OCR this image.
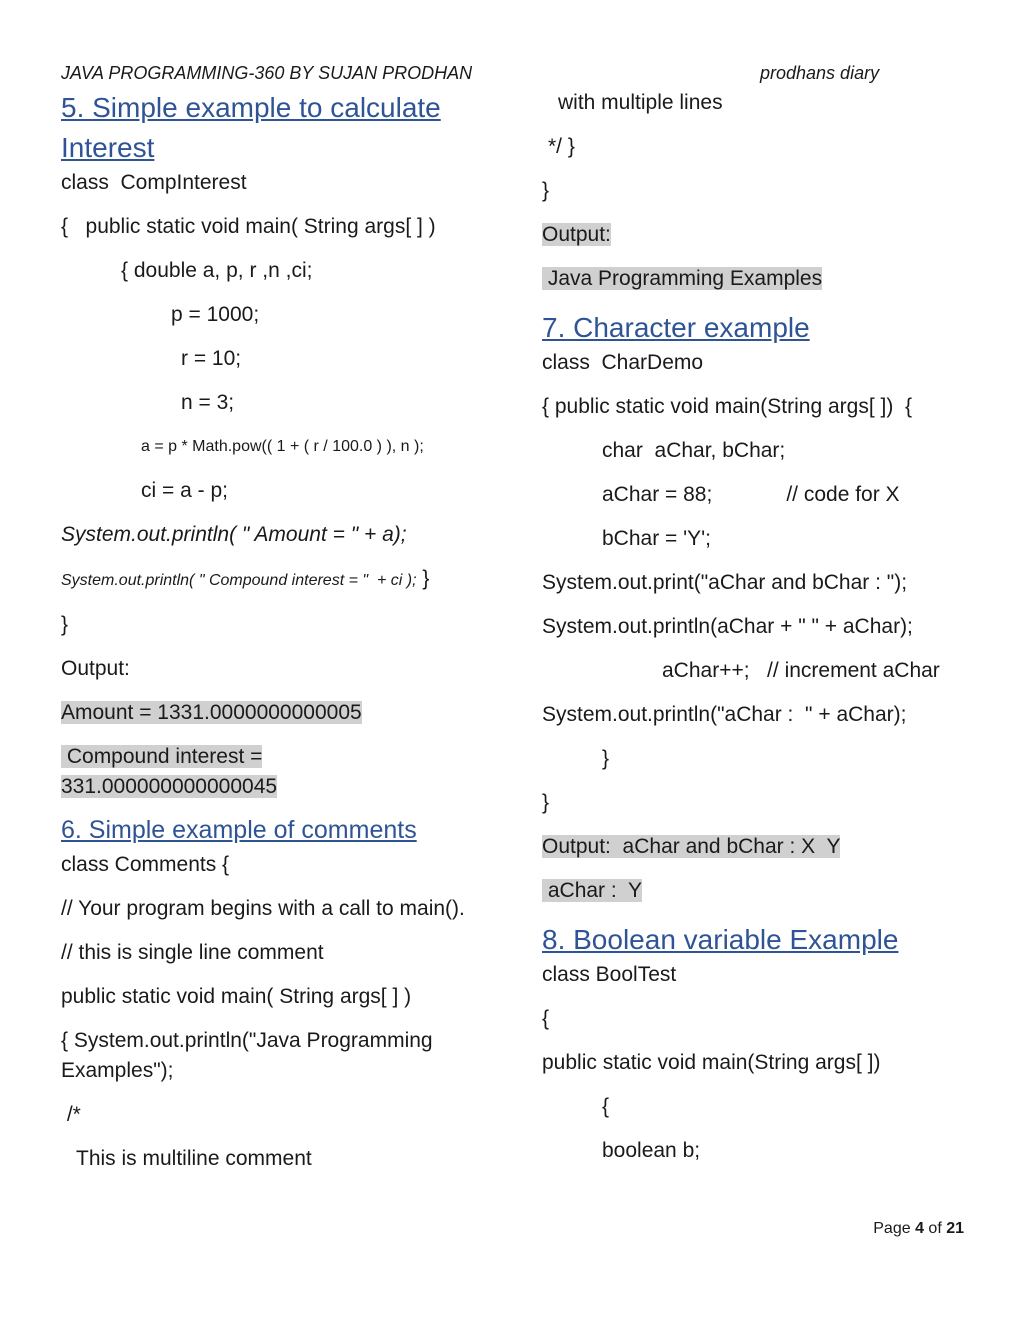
JAVA PROGRAMMING-360 BY SUJAN PRODHAN	prodhans diary
5. Simple example to calculate
Interest
class  CompInterest
{   public static void main( String args[ ] )
{ double a, p, r ,n ,ci;
p = 1000;
r = 10;
n = 3;
a = p * Math.pow(( 1 + ( r / 100.0 ) ), n );
ci = a - p;
System.out.println( " Amount = " + a);
System.out.println( " Compound interest = "  + ci ); }
}
Output:
Amount = 1331.0000000000005
Compound interest =
331.000000000000045
6. Simple example of comments
class Comments {
// Your program begins with a call to main().
// this is single line comment
public static void main( String args[ ] )
{ System.out.println("Java Programming Examples");
/*
This is multiline comment
with multiple lines
*/ }
}
Output:
Java Programming Examples
7. Character example
class  CharDemo
{ public static void main(String args[ ])  {
char  aChar, bChar;
aChar = 88;	// code for X
bChar = 'Y';
System.out.print("aChar and bChar : ");
System.out.println(aChar + " " + aChar);
aChar++;   // increment aChar
System.out.println("aChar :  " + aChar);
}
}
Output:  aChar and bChar : X  Y
aChar :  Y
8. Boolean variable Example
class BoolTest
{
public static void main(String args[ ])
{
boolean b;
Page 4 of 21
